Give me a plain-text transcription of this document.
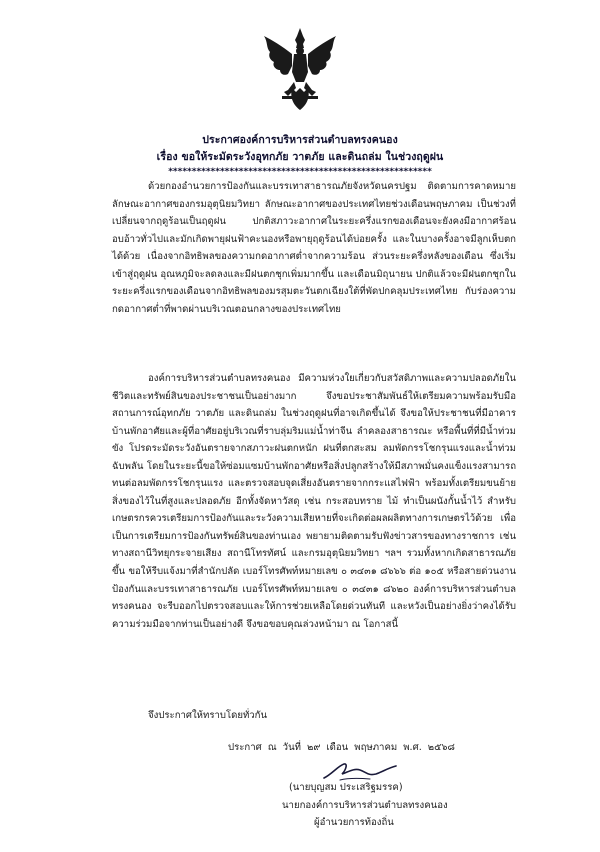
ประกาศองค์การบริหารส่วนตำบลทรงคนอง
เรื่อง ขอให้ระมัดระวังอุทกภัย วาตภัย และดินถล่ม ในช่วงฤดูฝน
********************************************************
ด้วยกองอำนวยการป้องกันและบรรเทาสาธารณภัยจังหวัดนครปฐม ติดตามการคาดหมายลักษณะอากาศของกรมอุตุนิยมวิทยา ลักษณะอากาศของประเทศไทยช่วงเดือนพฤษภาคม เป็นช่วงที่เปลี่ยนจากฤดูร้อนเป็นฤดูฝน ปกติสภาวะอากาศในระยะครึ่งแรกของเดือนจะยังคงมีอากาศร้อนอบอ้าวทั่วไปและมักเกิดพายุฝนฟ้าคะนองหรือพายุฤดูร้อนได้บ่อยครั้ง และในบางครั้งอาจมีลูกเห็บตกได้ด้วย เนื่องจากอิทธิพลของความกดอากาศต่ำจากความร้อน ส่วนระยะครึ่งหลังของเดือน ซึ่งเริ่มเข้าสู่ฤดูฝน อุณหภูมิจะลดลงและมีฝนตกชุกเพิ่มมากขึ้น และเดือนมิถุนายน ปกติแล้วจะมีฝนตกชุกในระยะครึ่งแรกของเดือนจากอิทธิพลของมรสุมตะวันตกเฉียงใต้ที่พัดปกคลุมประเทศไทย กับร่องความกดอากาศต่ำที่พาดผ่านบริเวณตอนกลางของประเทศไทย
องค์การบริหารส่วนตำบลทรงคนอง มีความห่วงใยเกี่ยวกับสวัสดิภาพและความปลอดภัยในชีวิตและทรัพย์สินของประชาชนเป็นอย่างมาก จึงขอประชาสัมพันธ์ให้เตรียมความพร้อมรับมือสถานการณ์อุทกภัย วาตภัย และดินถล่ม ในช่วงฤดูฝนที่อาจเกิดขึ้นได้ จึงขอให้ประชาชนที่มีอาคารบ้านพักอาศัยและผู้ที่อาศัยอยู่บริเวณที่ราบลุ่มริมแม่น้ำท่าจีน ลำคลองสาธารณะ หรือพื้นที่ที่มีน้ำท่วมขัง โปรดระมัดระวังอันตรายจากสภาวะฝนตกหนัก ฝนที่ตกสะสม ลมพัดกรรโชกรุนแรงและน้ำท่วมฉับพลัน โดยในระยะนี้ขอให้ซ่อมแซมบ้านพักอาศัยหรือสิ่งปลูกสร้างให้มีสภาพมั่นคงแข็งแรงสามารถทนต่อลมพัดกรรโชกรุนแรง และตรวจสอบจุดเสี่ยงอันตรายจากกระแสไฟฟ้า พร้อมทั้งเตรียมขนย้ายสิ่งของไว้ในที่สูงและปลอดภัย อีกทั้งจัดหาวัสดุ เช่น กระสอบทราย ไม้ ทำเป็นผนังกั้นน้ำไว้ สำหรับเกษตรกรควรเตรียมการป้องกันและระวังความเสียหายที่จะเกิดต่อผลผลิตทางการเกษตรไว้ด้วย เพื่อเป็นการเตรียมการป้องกันทรัพย์สินของท่านเอง พยายามติดตามรับฟังข่าวสารของทางราชการ เช่น ทางสถานีวิทยุกระจายเสียง สถานีโทรทัศน์ และกรมอุตุนิยมวิทยา ฯลฯ รวมทั้งหากเกิดสาธารณภัยขึ้น ขอให้รีบแจ้งมาที่สำนักปลัด เบอร์โทรศัพท์หมายเลข ๐ ๓๔๓๑ ๘๖๖๖ ต่อ ๑๐๕ หรือสายด่วนงานป้องกันและบรรเทาสาธารณภัย เบอร์โทรศัพท์หมายเลข ๐ ๓๔๓๑ ๘๖๒๐ องค์การบริหารส่วนตำบลทรงคนอง จะรีบออกไปตรวจสอบและให้การช่วยเหลือโดยด่วนทันที และหวังเป็นอย่างยิ่งว่าคงได้รับความร่วมมือจากท่านเป็นอย่างดี จึงขอขอบคุณล่วงหน้ามา ณ โอกาสนี้
จึงประกาศให้ทราบโดยทั่วกัน
ประกาศ ณ วันที่ ๒๙ เดือน พฤษภาคม พ.ศ. ๒๕๖๘
(นายบุญสม ประเสริฐมรรค)
นายกองค์การบริหารส่วนตำบลทรงคนอง
ผู้อำนวยการท้องถิ่น
